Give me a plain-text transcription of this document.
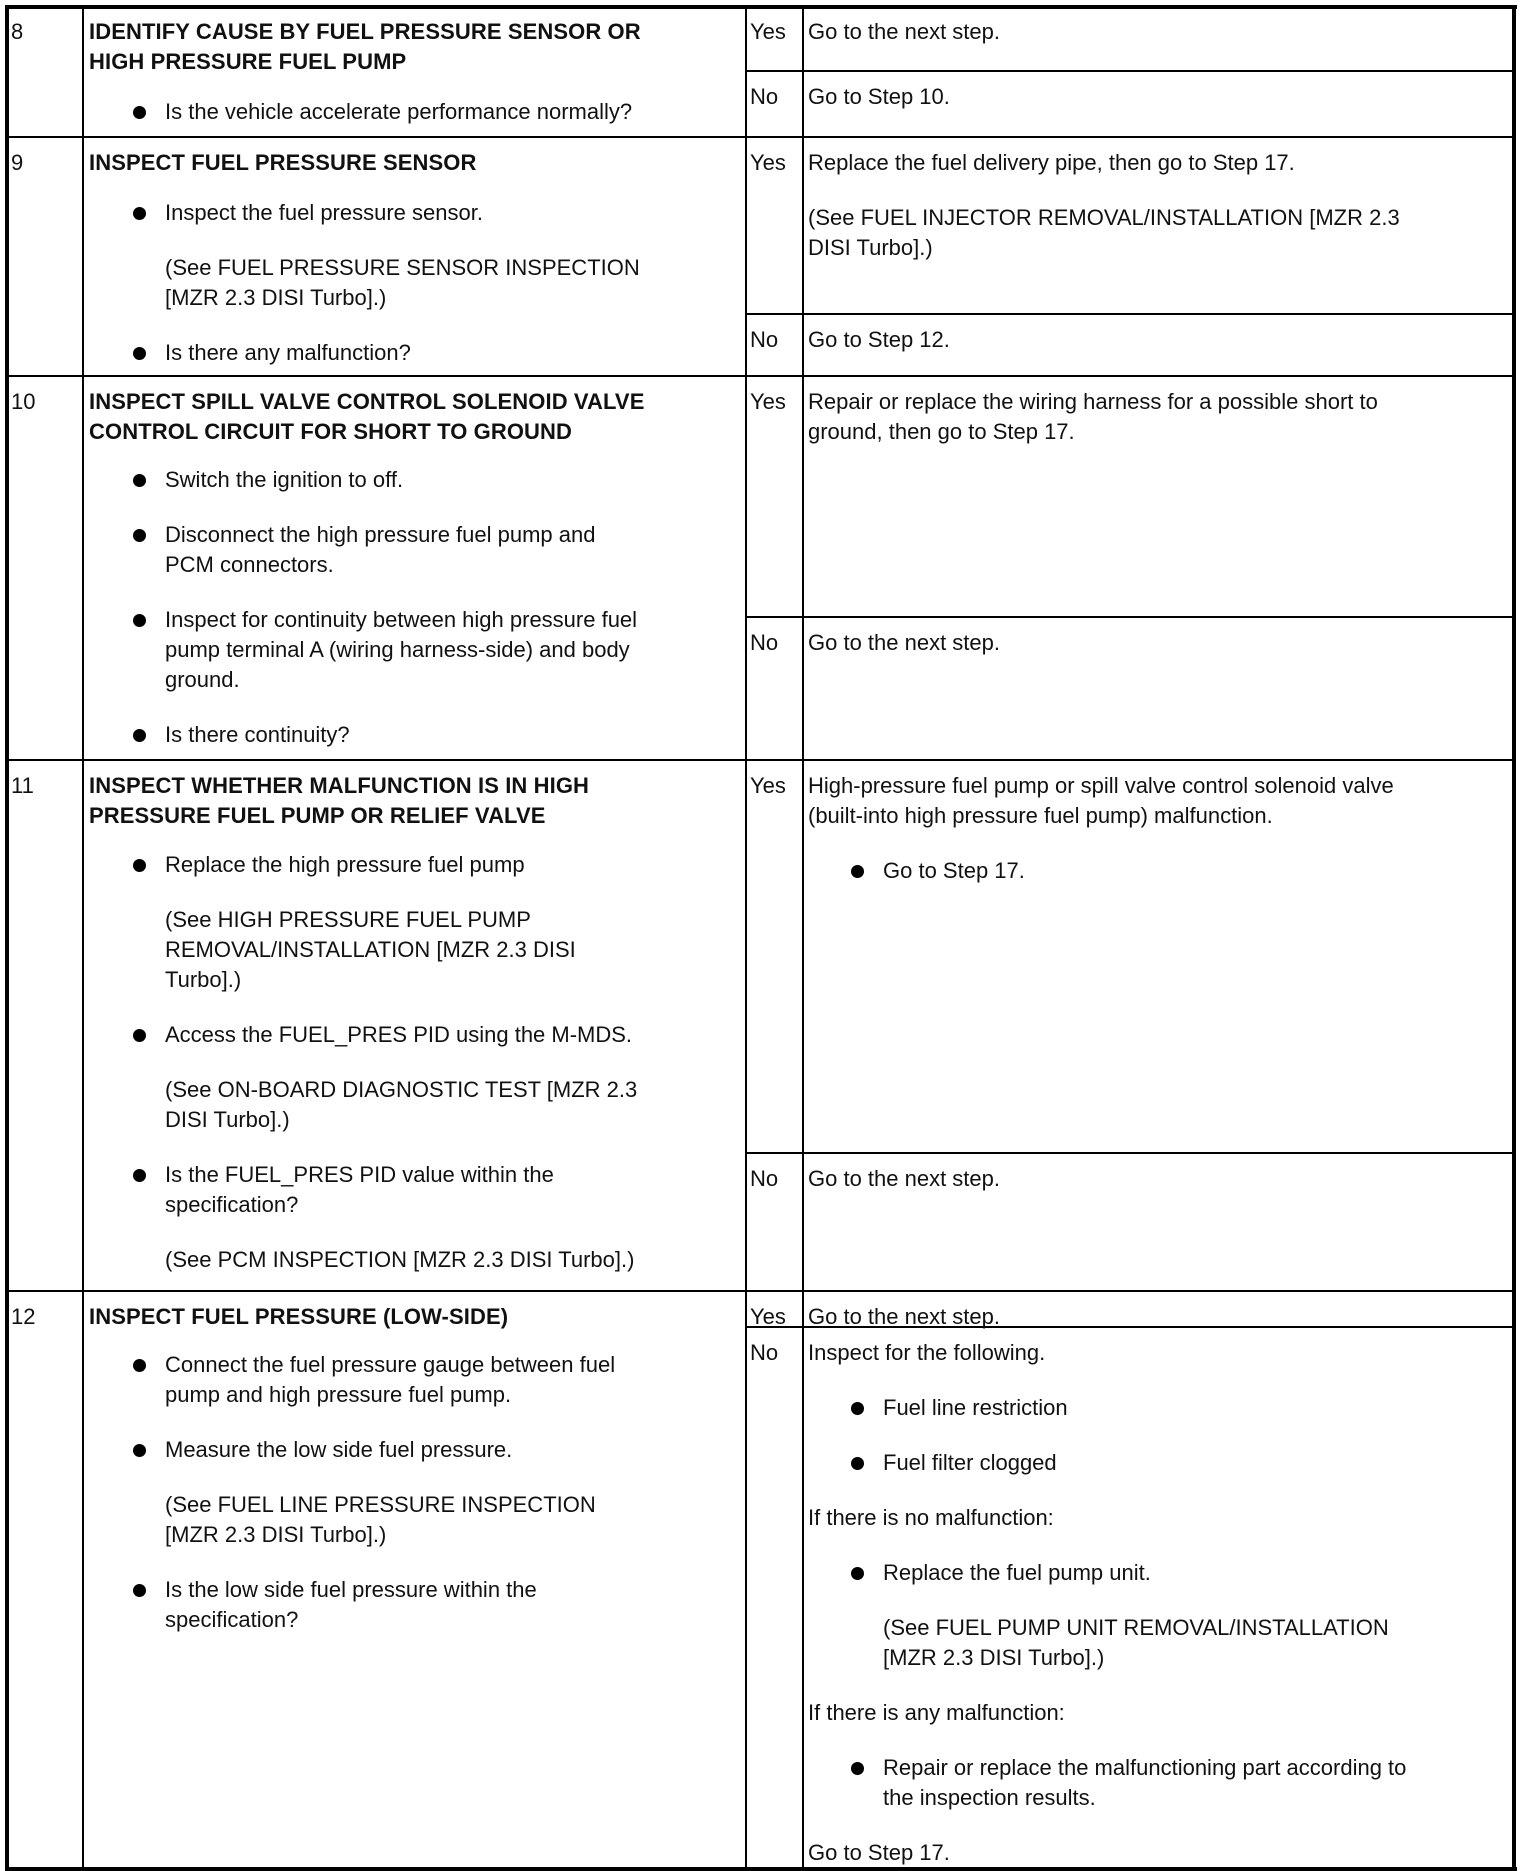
8	IDENTIFY CAUSE BY FUEL PRESSURE SENSOR OR
HIGH PRESSURE FUEL PUMP
Is the vehicle accelerate performance normally?
Yes Go to the next step.
No Go to Step 10.
9	INSPECT FUEL PRESSURE SENSOR
Inspect the fuel pressure sensor.
(See FUEL PRESSURE SENSOR INSPECTION
[MZR 2.3 DISI Turbo].)
Is there any malfunction?
Yes Replace the fuel delivery pipe, then go to Step 17.
(See FUEL INJECTOR REMOVAL/INSTALLATION [MZR 2.3
DISI Turbo].)
No Go to Step 12.
10 INSPECT SPILL VALVE CONTROL SOLENOID VALVE
CONTROL CIRCUIT FOR SHORT TO GROUND
Switch the ignition to off.
Disconnect the high pressure fuel pump and
PCM connectors.
Inspect for continuity between high pressure fuel
pump terminal A (wiring harness-side) and body
ground.
Is there continuity?
Yes Repair or replace the wiring harness for a possible short to
ground, then go to Step 17.
No Go to the next step.
11	INSPECT WHETHER MALFUNCTION IS IN HIGH
PRESSURE FUEL PUMP OR RELIEF VALVE
Replace the high pressure fuel pump
(See HIGH PRESSURE FUEL PUMP
REMOVAL/INSTALLATION [MZR 2.3 DISI
Turbo].)
Access the FUEL_PRES PID using the M-MDS.
(See ON-BOARD DIAGNOSTIC TEST [MZR 2.3
DISI Turbo].)
Is the FUEL_PRES PID value within the
specification?
(See PCM INSPECTION [MZR 2.3 DISI Turbo].)
Yes High-pressure fuel pump or spill valve control solenoid valve
(built-into high pressure fuel pump) malfunction.
Go to Step 17.
No Go to the next step.
12 INSPECT FUEL PRESSURE (LOW-SIDE)
Connect the fuel pressure gauge between fuel
pump and high pressure fuel pump.
Measure the low side fuel pressure.
(See FUEL LINE PRESSURE INSPECTION
[MZR 2.3 DISI Turbo].)
Is the low side fuel pressure within the
specification?
Yes Go to the next step.
No Inspect for the following.
Fuel line restriction
Fuel filter clogged
If there is no malfunction:
Replace the fuel pump unit.
(See FUEL PUMP UNIT REMOVAL/INSTALLATION
[MZR 2.3 DISI Turbo].)
If there is any malfunction:
Repair or replace the malfunctioning part according to
the inspection results.
Go to Step 17.
